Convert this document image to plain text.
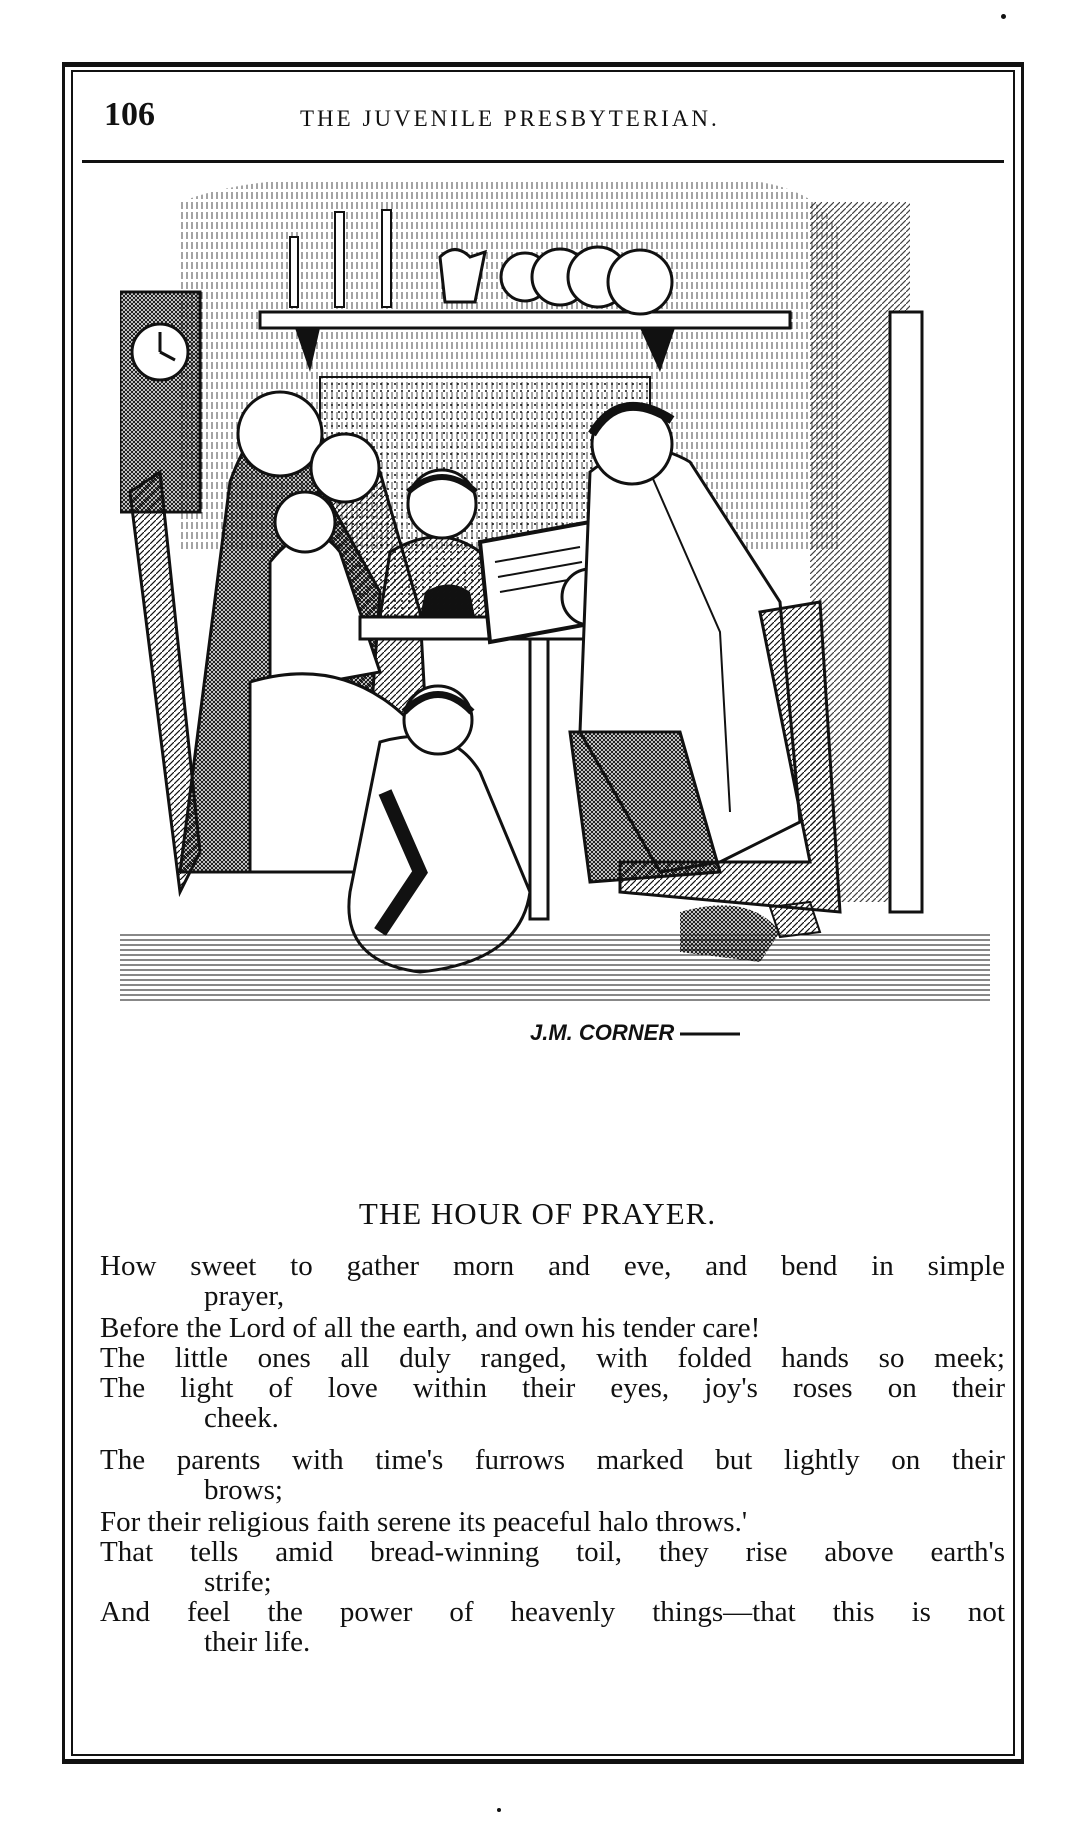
106	THE JUVENILE PRESBYTERIAN.
J.M. CORNER
THE HOUR OF PRAYER.
How sweet to gather morn and eve, and bend in simple
prayer,
Before the Lord of all the earth, and own his tender care!
The little ones all duly ranged, with folded hands so meek;
The light of love within their eyes, joy's roses on their
cheek.
The parents with time's furrows marked but lightly on their
brows;
For their religious faith serene its peaceful halo throws.'
That tells amid bread-winning toil, they rise above earth's
strife;
And feel the power of heavenly things—that this is not
their life.
